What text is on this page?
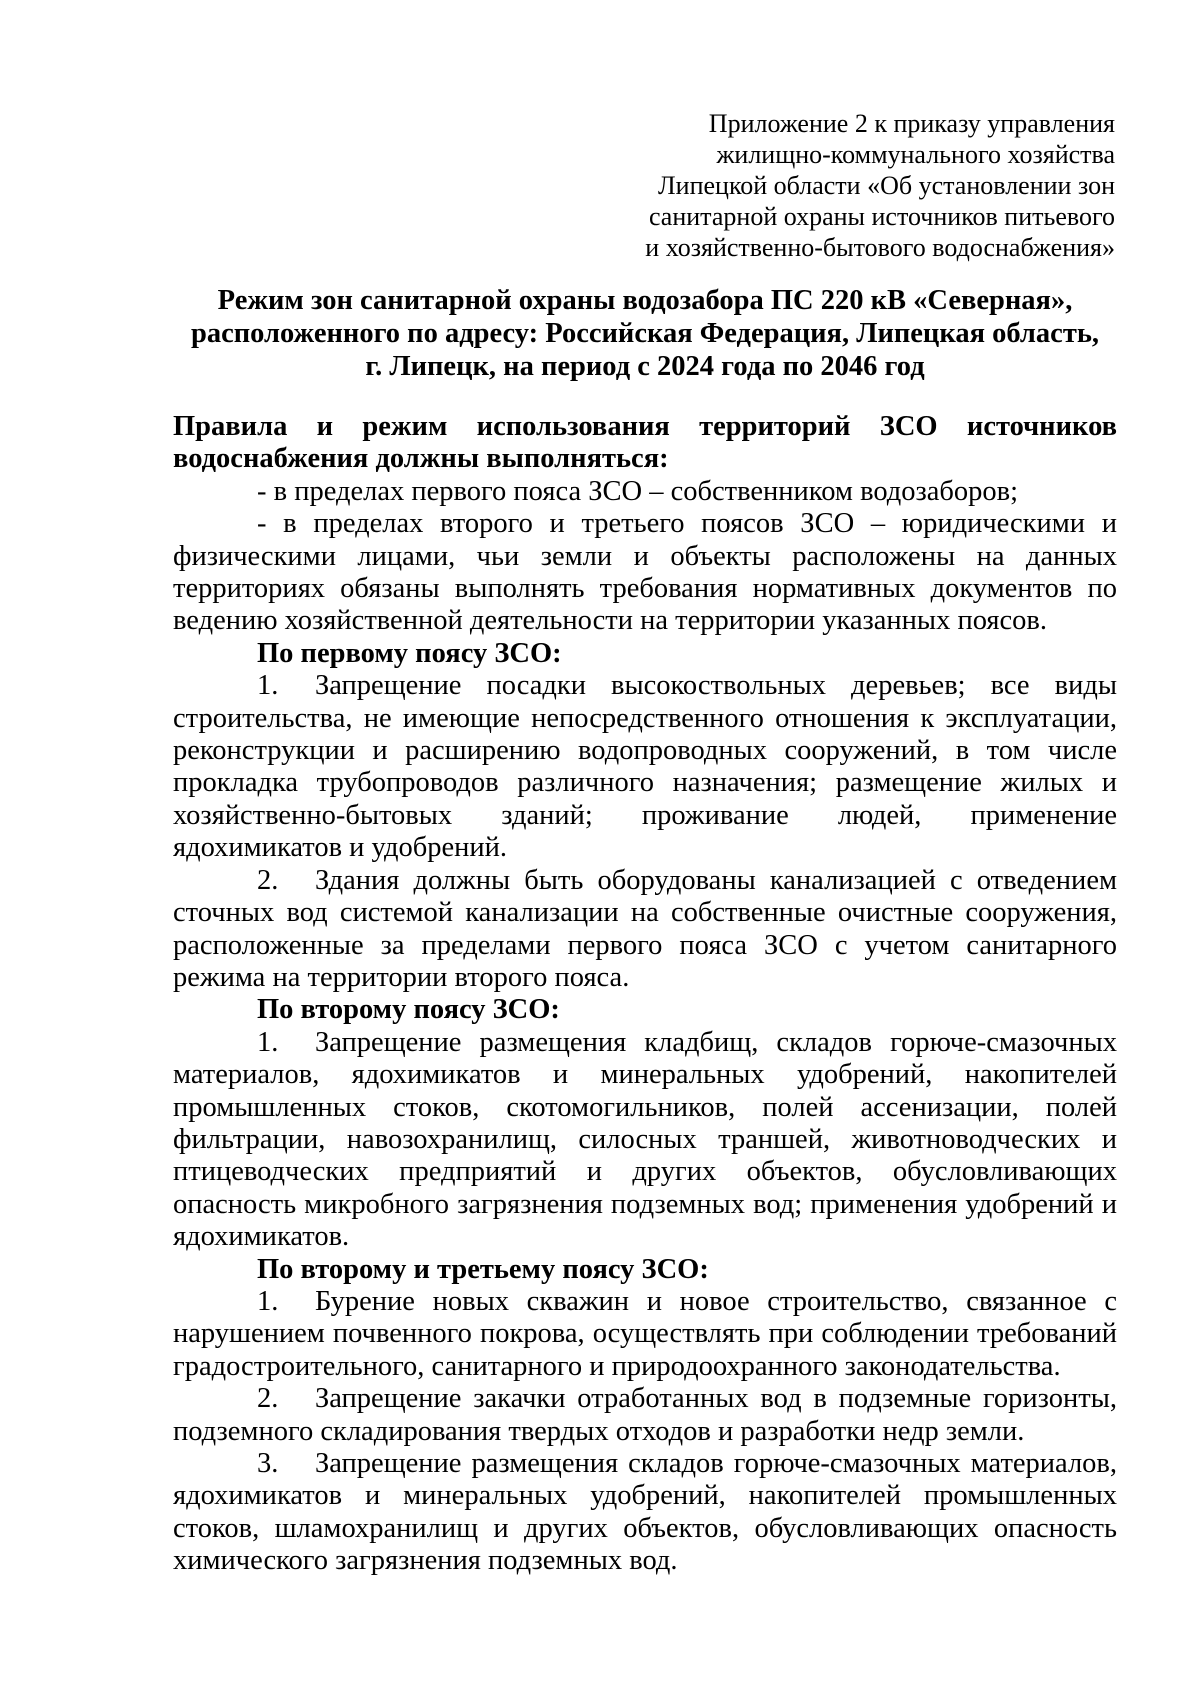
Приложение 2 к приказу управления
жилищно-коммунального хозяйства
Липецкой области «Об установлении зон
санитарной охраны источников питьевого
и хозяйственно-бытового водоснабжения»
Режим зон санитарной охраны водозабора ПС 220 кВ «Северная»,
расположенного по адресу: Российская Федерация, Липецкая область,
г. Липецк, на период с 2024 года по 2046 год

Правила и режим использования территорий ЗСО источников водоснабжения должны выполняться:

- в пределах первого пояса ЗСО – собственником водозаборов;

- в пределах второго и третьего поясов ЗСО – юридическими и физическими лицами, чьи земли и объекты расположены на данных территориях обязаны выполнять требования нормативных документов по ведению хозяйственной деятельности на территории указанных поясов.

По первому поясу ЗСО:

1. Запрещение посадки высокоствольных деревьев; все виды строительства, не имеющие непосредственного отношения к эксплуатации, реконструкции и расширению водопроводных сооружений, в том числе прокладка трубопроводов различного назначения; размещение жилых и хозяйственно-бытовых зданий; проживание людей, применение ядохимикатов и удобрений.

2. Здания должны быть оборудованы канализацией с отведением сточных вод системой канализации на собственные очистные сооружения, расположенные за пределами первого пояса ЗСО с учетом санитарного режима на территории второго пояса.

По второму поясу ЗСО:

1. Запрещение размещения кладбищ, складов горюче-смазочных материалов, ядохимикатов и минеральных удобрений, накопителей промышленных стоков, скотомогильников, полей ассенизации, полей фильтрации, навозохранилищ, силосных траншей, животноводческих и птицеводческих предприятий и других объектов, обусловливающих опасность микробного загрязнения подземных вод; применения удобрений и ядохимикатов.

По второму и третьему поясу ЗСО:

1. Бурение новых скважин и новое строительство, связанное с нарушением почвенного покрова, осуществлять при соблюдении требований градостроительного, санитарного и природоохранного законодательства.

2. Запрещение закачки отработанных вод в подземные горизонты, подземного складирования твердых отходов и разработки недр земли.

3. Запрещение размещения складов горюче-смазочных материалов, ядохимикатов и минеральных удобрений, накопителей промышленных стоков, шламохранилищ и других объектов, обусловливающих опасность химического загрязнения подземных вод.
